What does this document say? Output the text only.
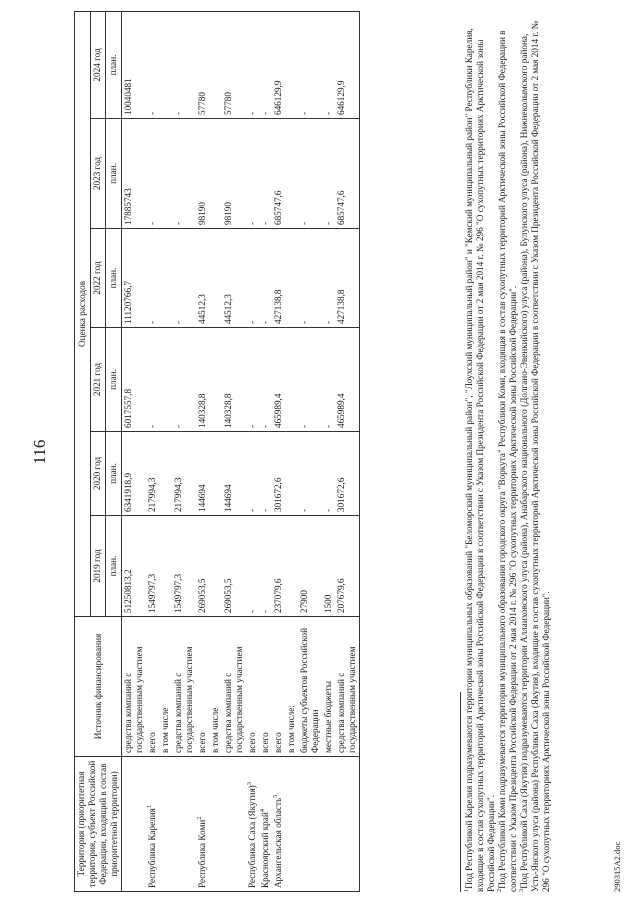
116
Территория (приоритетная территория, субъект Российской Федерации, входящий в состав приоритетной территории)	Источник финансирования	Оценка расходов					
		2019 год	2020 год	2021 год	2022 год	2023 год	2024 год
		план.	план.	план.	план.	план.	план.
	средства компаний с государственным участием	51250813,2	6341918,9	6017557,8	11120766,7	17885743	10040481
Республика Карелия$^1$	всего	1549797,3	217994,3	-	-	-	-
	в том числе						
	средства компаний с государственным участием	1549797,3	217994,3	-	-	-	-
Республика Коми$^2$	всего	269053,5	144694	140328,8	44512,3	98190	57780
	в том числе						
	средства компаний с государственным участием	269053,5	144694	140328,8	44512,3	98190	57780
Республика Саха (Якутия)$^3$	всего	-	-	-	-	-	-
Красноярский край$^4$	всего	-	-	-	-	-	-
Архангельская область$^5$	всего	237079,6	301672,6	465989,4	427138,8	685747,6	646129,9
	в том числе:						
	бюджеты субъектов Российской Федерации	27900	-	-	-	-	-
	местные бюджеты	1500	-	-	-	-	-
	средства компаний с государственным участием	207679,6	301672,6	465989,4	427138,8	685747,6	646129,9

$^1$Под Республикой Карелия подразумеваются территории муниципальных образований "Беломорский муниципальный район", "Лоухский муниципальный район" и "Кемский муниципальный район" Республики Карелия, входящие в состав сухопутных территорий Арктической зоны Российской Федерации в соответствии с Указом Президента Российской Федерации от 2 мая 2014 г. № 296 "О сухопутных территориях Арктической зоны Российской Федерации". $^2$Под Республикой Коми подразумевается территория муниципального образования городского округа "Воркута" Республики Коми, входящая в состав сухопутных территорий Арктической зоны Российской Федерации в соответствии с Указом Президента Российской Федерации от 2 мая 2014 г. № 296 "О сухопутных территориях Арктической зоны Российской Федерации". $^3$Под Республикой Саха (Якутия) подразумеваются территории Аллаиховского улуса (района), Анабарского национального (Долгано-Эвенкийского) улуса (района), Булунского улуса (района), Нижнеколымского района, Усть-Янского улуса (района) Республики Саха (Якутия), входящие в состав сухопутных территорий Арктической зоны Российской Федерации в соответствии с Указом Президента Российской Федерации от 2 мая 2014 г. № 296 "О сухопутных территориях Арктической зоны Российской Федерации".	290315А2.doc
